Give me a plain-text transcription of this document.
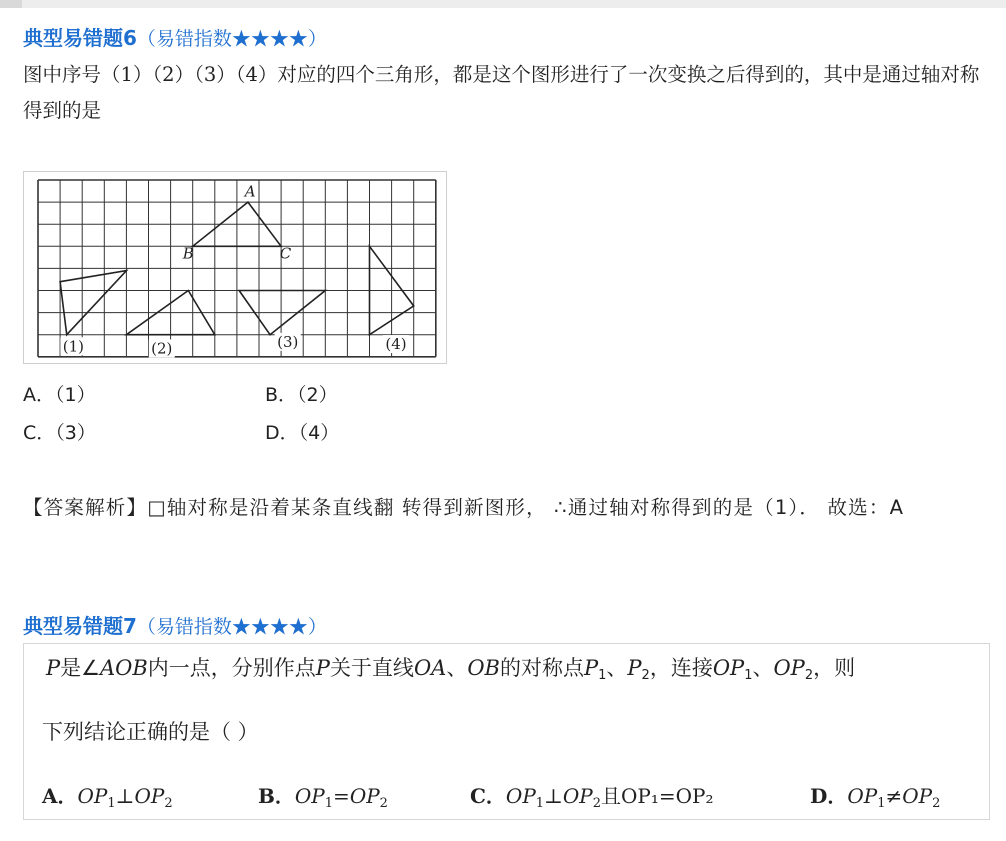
典型易错题6（易错指数★★★★）
图中序号（1）（2）（3）（4）对应的四个三角形，都是这个图形进行了一次变换之后得到的，其中是通过轴对称得到的是
A
B	C
(1)	(2)	(3)	(4)
A．（1）	B．（2）
C．（3）	D．（4）
【答案解析】□轴对称是沿着某条直线翻 转得到新图形， ∴通过轴对称得到的是（1）． 故选：A
典型易错题7（易错指数★★★★）
P是∠AOB内一点，分别作点P关于直线OA、OB的对称点P1、P2，连接OP1、OP2，则
下列结论正确的是（ ）
A．$OP_1\perp OP_2$	B．$OP_1=OP_2$	C．$OP_1\perp OP_2$且OP₁=OP₂	D．$OP_1\ne OP_2$
